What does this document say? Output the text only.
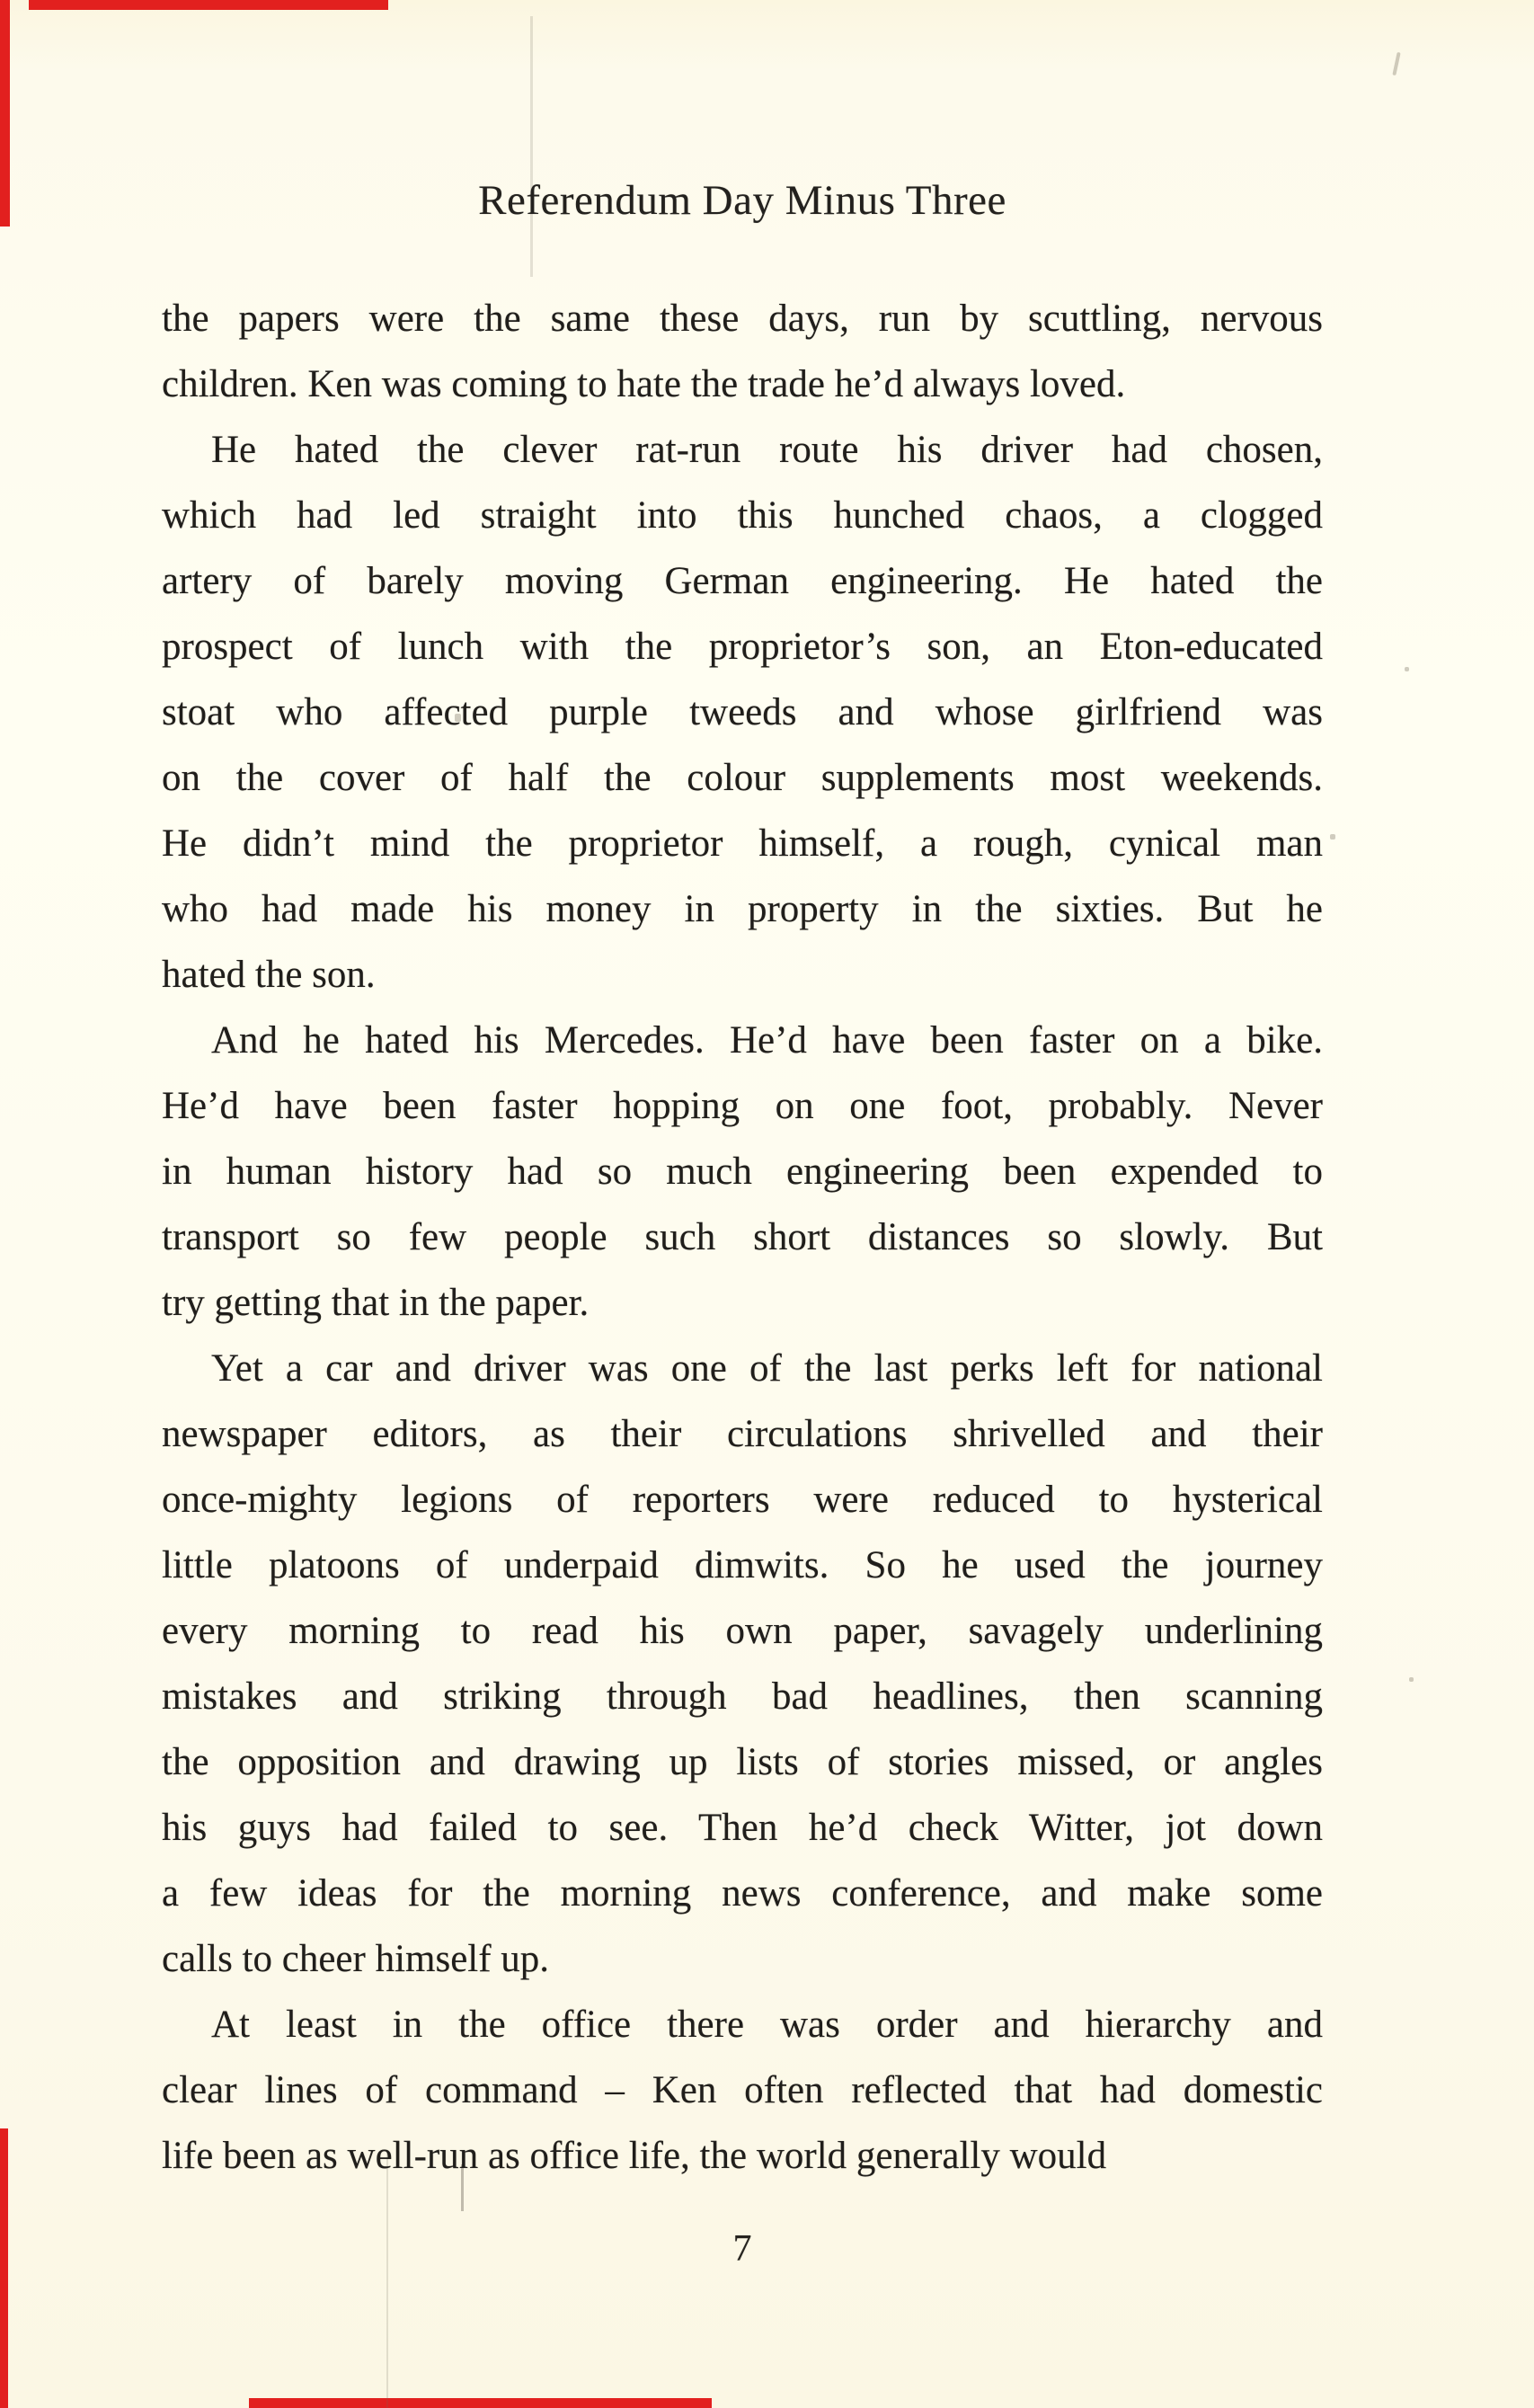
Referendum Day Minus Three
the papers were the same these days, run by scuttling, nervous
children. Ken was coming to hate the trade he’d always loved.
He hated the clever rat-run route his driver had chosen,
which had led straight into this hunched chaos, a clogged
artery of barely moving German engineering. He hated the
prospect of lunch with the proprietor’s son, an Eton-educated
stoat who affected purple tweeds and whose girlfriend was
on the cover of half the colour supplements most weekends.
He didn’t mind the proprietor himself, a rough, cynical man
who had made his money in property in the sixties. But he
hated the son.
And he hated his Mercedes. He’d have been faster on a bike.
He’d have been faster hopping on one foot, probably. Never
in human history had so much engineering been expended to
transport so few people such short distances so slowly. But
try getting that in the paper.
Yet a car and driver was one of the last perks left for national
newspaper editors, as their circulations shrivelled and their
once-mighty legions of reporters were reduced to hysterical
little platoons of underpaid dimwits. So he used the journey
every morning to read his own paper, savagely underlining
mistakes and striking through bad headlines, then scanning
the opposition and drawing up lists of stories missed, or angles
his guys had failed to see. Then he’d check Witter, jot down
a few ideas for the morning news conference, and make some
calls to cheer himself up.
At least in the office there was order and hierarchy and
clear lines of command – Ken often reflected that had domestic
life been as well-run as office life, the world generally would
7
